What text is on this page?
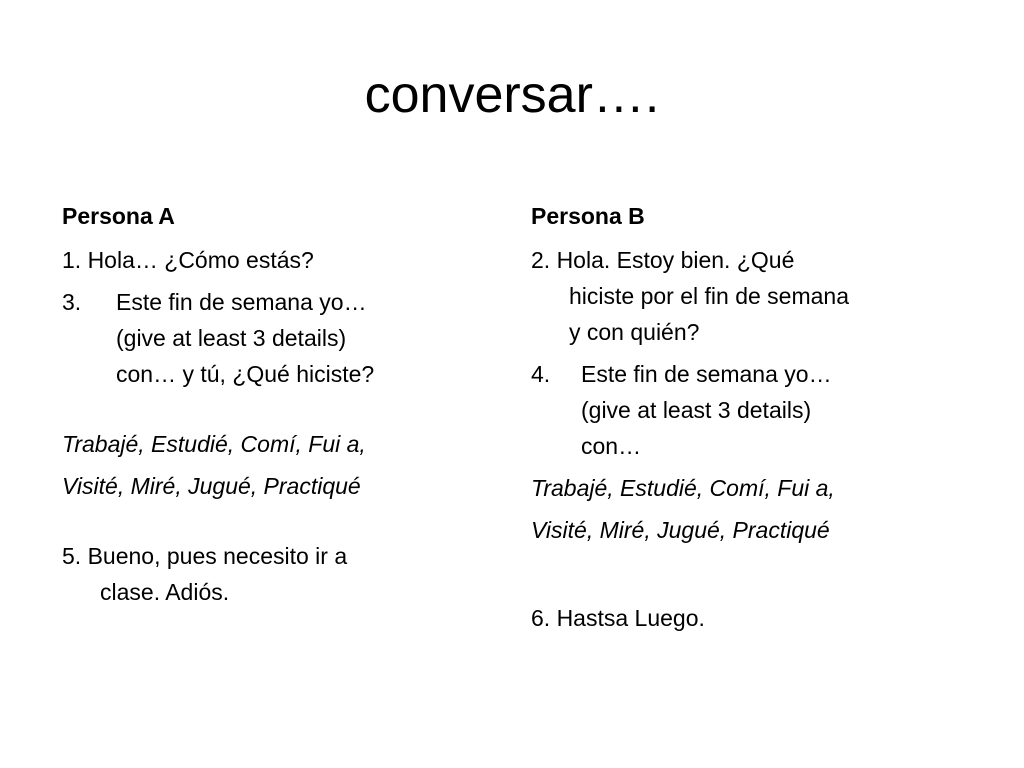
conversar….
Persona A
1. Hola… ¿Cómo estás?
3. Este fin de semana yo…
(give at least 3 details)
con… y tú, ¿Qué hiciste?
Trabajé, Estudié, Comí, Fui a,
Visité, Miré, Jugué, Practiqué
5. Bueno, pues necesito ir a
clase. Adiós.
Persona B
2. Hola. Estoy bien. ¿Qué
hiciste por el fin de semana
y con quién?
4. Este fin de semana yo…
(give at least 3 details)
con…
Trabajé, Estudié, Comí, Fui a,
Visité, Miré, Jugué, Practiqué
6. Hastsa Luego.
